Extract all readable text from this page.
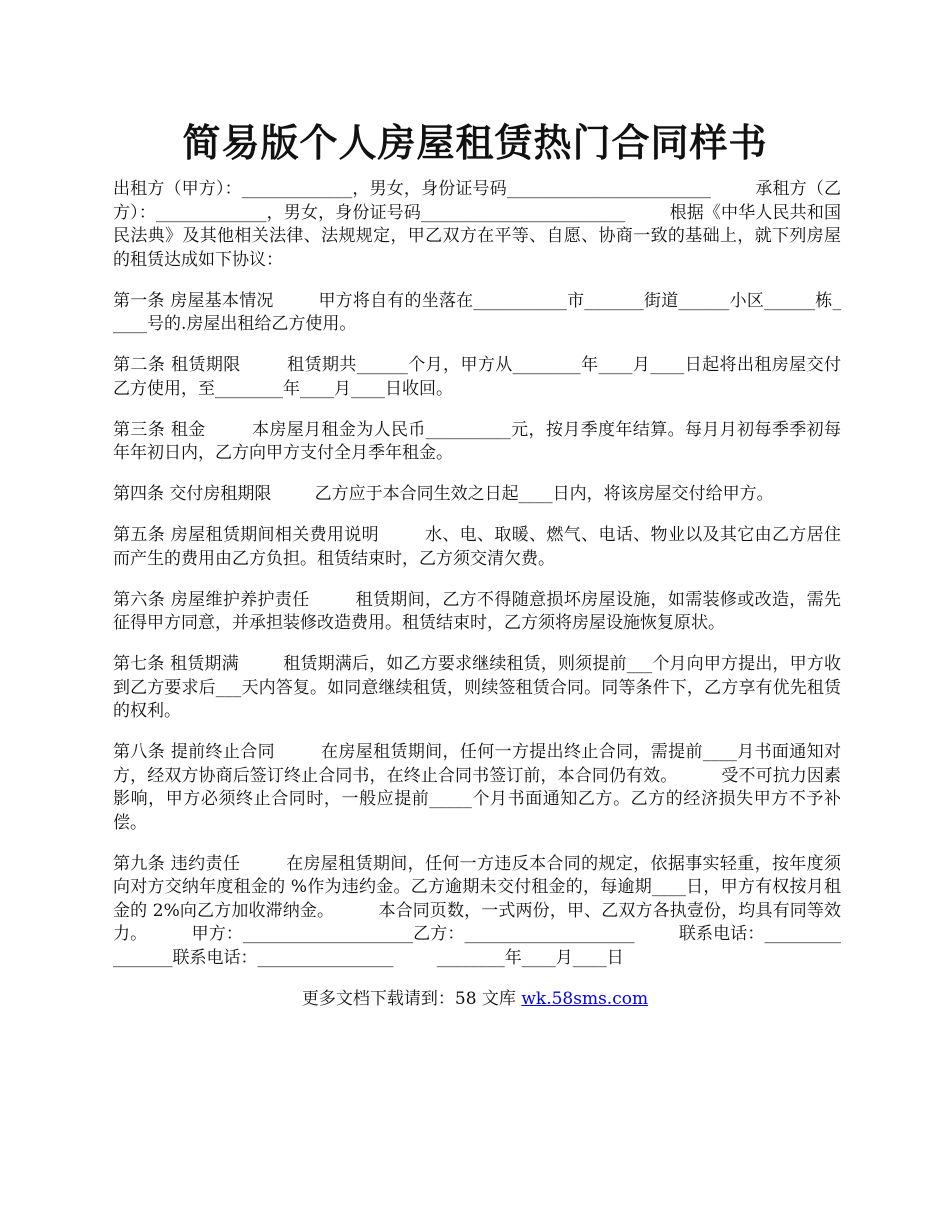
简易版个人房屋租赁热门合同样书

出租方（甲方）：_____________，男女，身份证号码________________________        承租方（乙方）：_____________，男女，身份证号码________________________        根据《中华人民共和国民法典》及其他相关法律、法规规定，甲乙双方在平等、自愿、协商一致的基础上，就下列房屋的租赁达成如下协议：

第一条 房屋基本情况        甲方将自有的坐落在___________市_______街道______小区______栋_____号的.房屋出租给乙方使用。

第二条 租赁期限        租赁期共______个月，甲方从________年____月____日起将出租房屋交付乙方使用，至________年____月____日收回。

第三条 租金        本房屋月租金为人民币__________元，按月季度年结算。每月月初每季季初每年年初日内，乙方向甲方支付全月季年租金。

第四条 交付房租期限        乙方应于本合同生效之日起____日内，将该房屋交付给甲方。

第五条 房屋租赁期间相关费用说明        水、电、取暖、燃气、电话、物业以及其它由乙方居住而产生的费用由乙方负担。租赁结束时，乙方须交清欠费。

第六条 房屋维护养护责任        租赁期间，乙方不得随意损坏房屋设施，如需装修或改造，需先征得甲方同意，并承担装修改造费用。租赁结束时，乙方须将房屋设施恢复原状。

第七条 租赁期满        租赁期满后，如乙方要求继续租赁，则须提前___个月向甲方提出，甲方收到乙方要求后___天内答复。如同意继续租赁，则续签租赁合同。同等条件下，乙方享有优先租赁的权利。

第八条 提前终止合同        在房屋租赁期间，任何一方提出终止合同，需提前____月书面通知对方，经双方协商后签订终止合同书，在终止合同书签订前，本合同仍有效。        受不可抗力因素影响，甲方必须终止合同时，一般应提前_____个月书面通知乙方。乙方的经济损失甲方不予补偿。

第九条 违约责任        在房屋租赁期间，任何一方违反本合同的规定，依据事实轻重，按年度须向对方交纳年度租金的 %作为违约金。乙方逾期未交付租金的，每逾期____日，甲方有权按月租金的 2%向乙方加收滞纳金。        本合同页数，一式两份，甲、乙双方各执壹份，均具有同等效力。        甲方：____________________乙方：____________________        联系电话：________________联系电话：________________        ________年____月____日

更多文档下载请到：58 文库 wk.58sms.com
